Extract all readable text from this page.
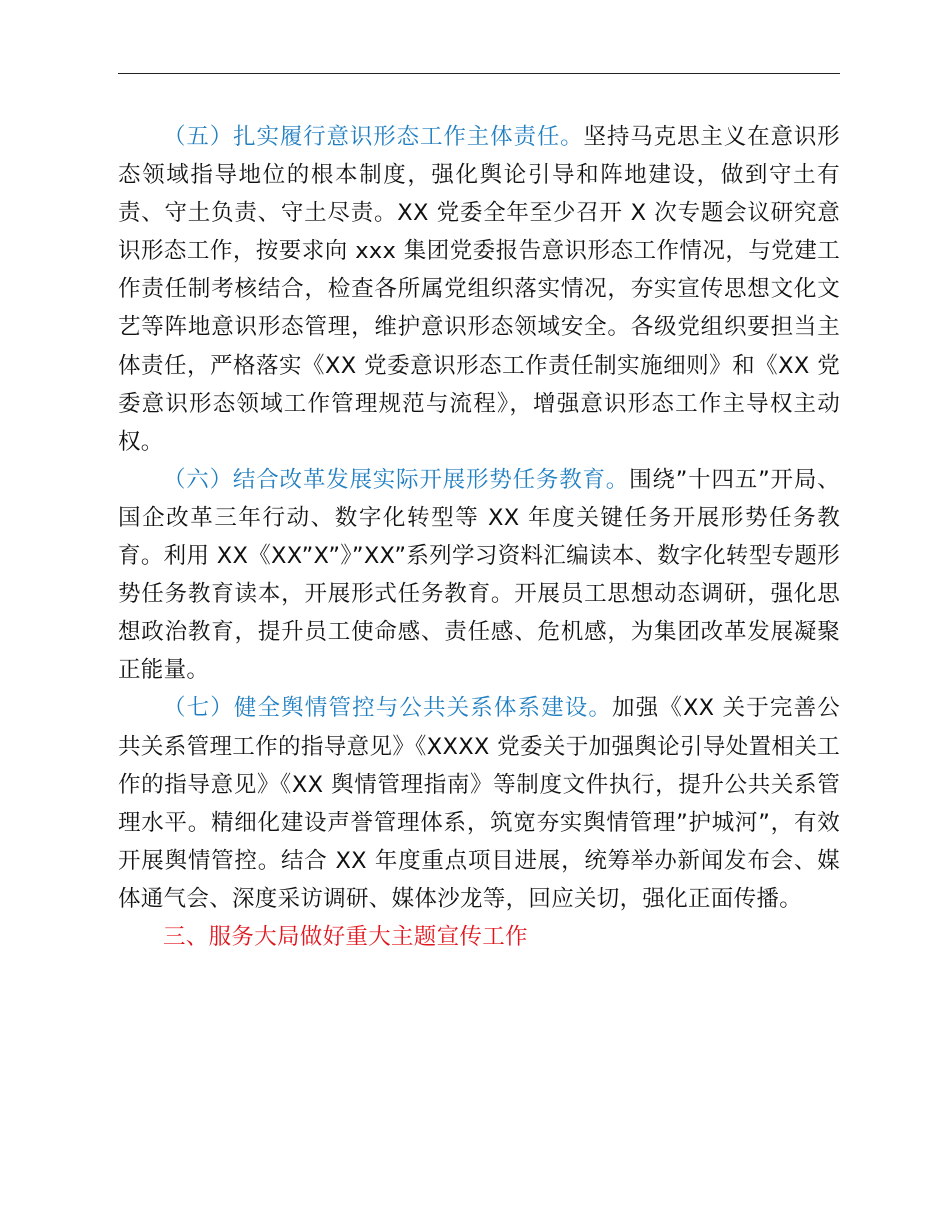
（五）扎实履行意识形态工作主体责任。坚持马克思主义在意识形态领域指导地位的根本制度，强化舆论引导和阵地建设，做到守土有责、守土负责、守土尽责。XX 党委全年至少召开 X 次专题会议研究意识形态工作，按要求向 xxx 集团党委报告意识形态工作情况，与党建工作责任制考核结合，检查各所属党组织落实情况，夯实宣传思想文化文艺等阵地意识形态管理，维护意识形态领域安全。各级党组织要担当主体责任，严格落实《XX 党委意识形态工作责任制实施细则》和《XX 党委意识形态领域工作管理规范与流程》，增强意识形态工作主导权主动权。

（六）结合改革发展实际开展形势任务教育。围绕”十四五”开局、国企改革三年行动、数字化转型等 XX 年度关键任务开展形势任务教育。利用 XX《XX”X”》”XX”系列学习资料汇编读本、数字化转型专题形势任务教育读本，开展形式任务教育。开展员工思想动态调研，强化思想政治教育，提升员工使命感、责任感、危机感，为集团改革发展凝聚正能量。

（七）健全舆情管控与公共关系体系建设。加强《XX 关于完善公共关系管理工作的指导意见》《XXXX 党委关于加强舆论引导处置相关工作的指导意见》《XX 舆情管理指南》等制度文件执行，提升公共关系管理水平。精细化建设声誉管理体系，筑宽夯实舆情管理”护城河”，有效开展舆情管控。结合 XX 年度重点项目进展，统筹举办新闻发布会、媒体通气会、深度采访调研、媒体沙龙等，回应关切，强化正面传播。

三、服务大局做好重大主题宣传工作
